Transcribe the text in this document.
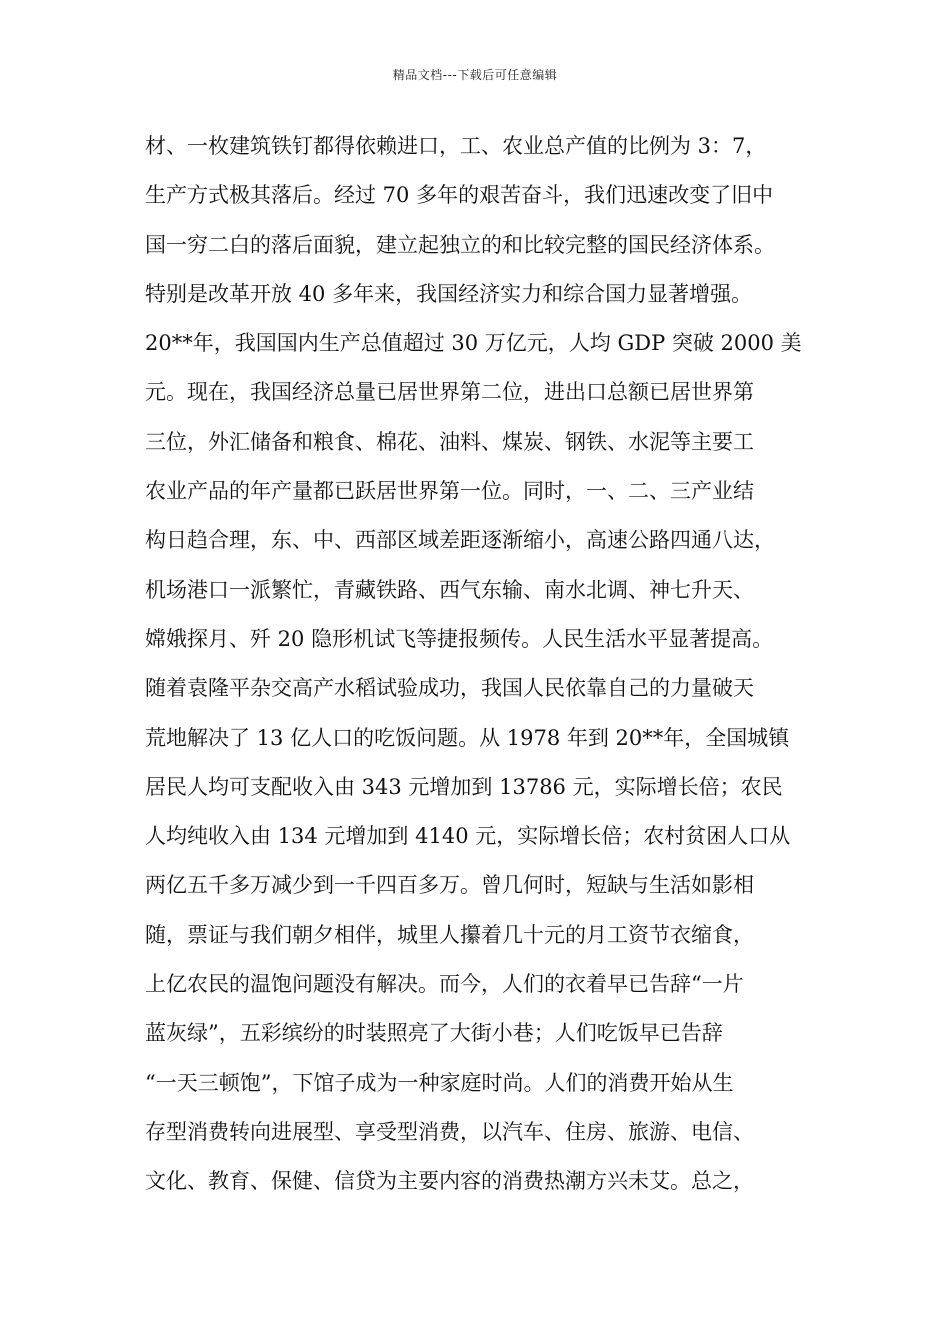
精品文档---下载后可任意编辑
材、一枚建筑铁钉都得依赖进口，工、农业总产值的比例为 3：7，
生产方式极其落后。经过 70 多年的艰苦奋斗，我们迅速改变了旧中
国一穷二白的落后面貌，建立起独立的和比较完整的国民经济体系。
特别是改革开放 40 多年来，我国经济实力和综合国力显著增强。
20**年，我国国内生产总值超过 30 万亿元，人均 GDP 突破 2000 美
元。现在，我国经济总量已居世界第二位，进出口总额已居世界第
三位，外汇储备和粮食、棉花、油料、煤炭、钢铁、水泥等主要工
农业产品的年产量都已跃居世界第一位。同时，一、二、三产业结
构日趋合理，东、中、西部区域差距逐渐缩小，高速公路四通八达，
机场港口一派繁忙，青藏铁路、西气东输、南水北调、神七升天、
嫦娥探月、歼 20 隐形机试飞等捷报频传。人民生活水平显著提高。
随着袁隆平杂交高产水稻试验成功，我国人民依靠自己的力量破天
荒地解决了 13 亿人口的吃饭问题。从 1978 年到 20**年，全国城镇
居民人均可支配收入由 343 元增加到 13786 元，实际增长倍；农民
人均纯收入由 134 元增加到 4140 元，实际增长倍；农村贫困人口从
两亿五千多万减少到一千四百多万。曾几何时，短缺与生活如影相
随，票证与我们朝夕相伴，城里人攥着几十元的月工资节衣缩食，
上亿农民的温饱问题没有解决。而今，人们的衣着早已告辞“一片
蓝灰绿”，五彩缤纷的时装照亮了大街小巷；人们吃饭早已告辞
“一天三顿饱”，下馆子成为一种家庭时尚。人们的消费开始从生
存型消费转向进展型、享受型消费，以汽车、住房、旅游、电信、
文化、教育、保健、信贷为主要内容的消费热潮方兴未艾。总之，
